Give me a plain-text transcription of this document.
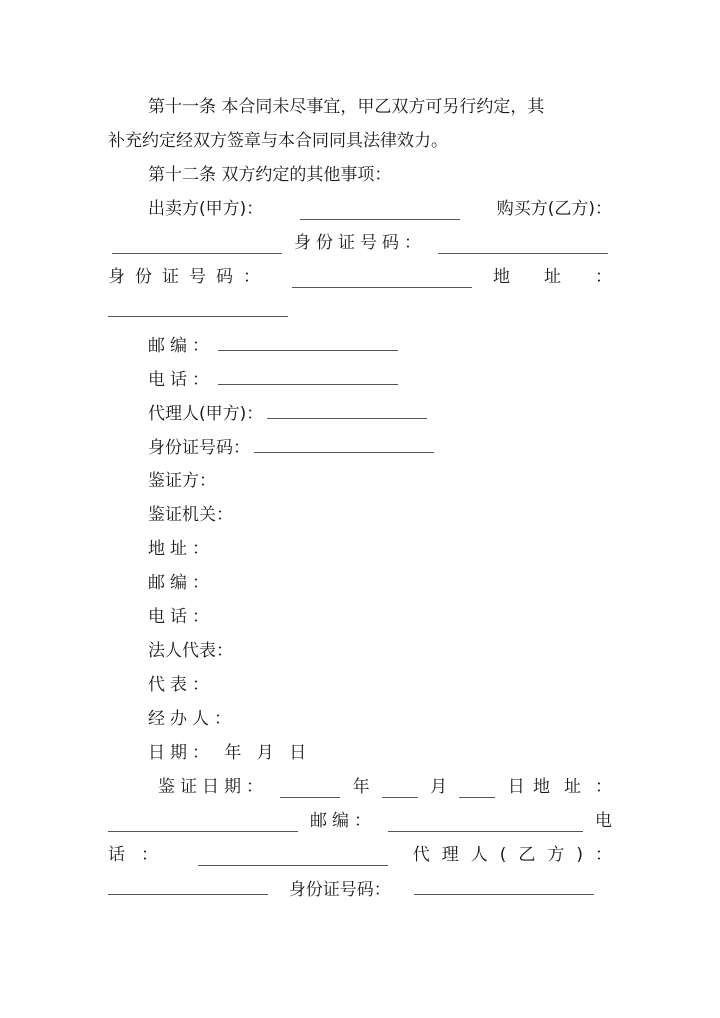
第十一条 本合同未尽事宜，甲乙双方可另行约定，其
补充约定经双方签章与本合同同具法律效力。
第十二条 双方约定的其他事项：
出卖方(甲方)：	购买方(乙方)：
身份证号码：
身份证号码：	地址：
邮编：
电话：
代理人(甲方)：
身份证号码：
鉴证方：
鉴证机关：
地址：
邮编：
电话：
法人代表：
代表：
经办人：
日期： 年 月 日
鉴证日期：	年	月	日 地址：
邮编：	电
话：	代理人(乙方)：
身份证号码：
